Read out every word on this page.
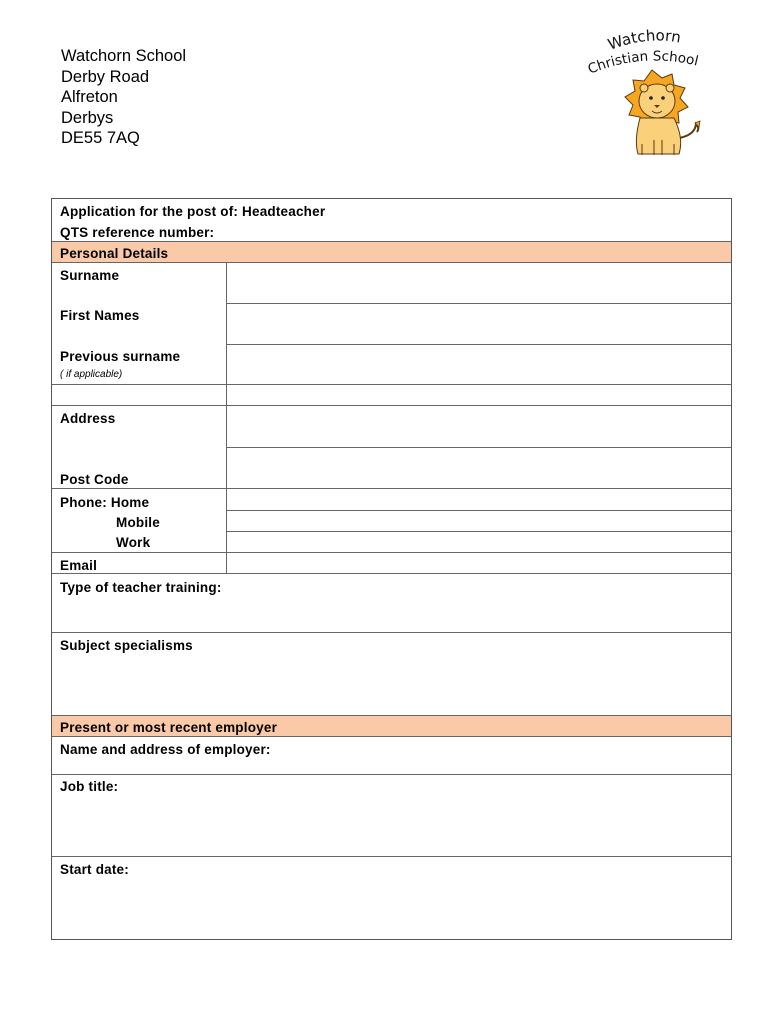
Watchorn School
Derby Road
Alfreton
Derbys
DE55 7AQ
Watchorn
Christian School
Application for the post of: Headteacher
QTS reference number:
Personal Details
Surname
First Names
Previous surname
( if applicable)
Address
Post Code
Phone: Home
Mobile
Work
Email
Type of teacher training:
Subject specialisms
Present or most recent employer
Name and address of employer:
Job title:
Start date:
